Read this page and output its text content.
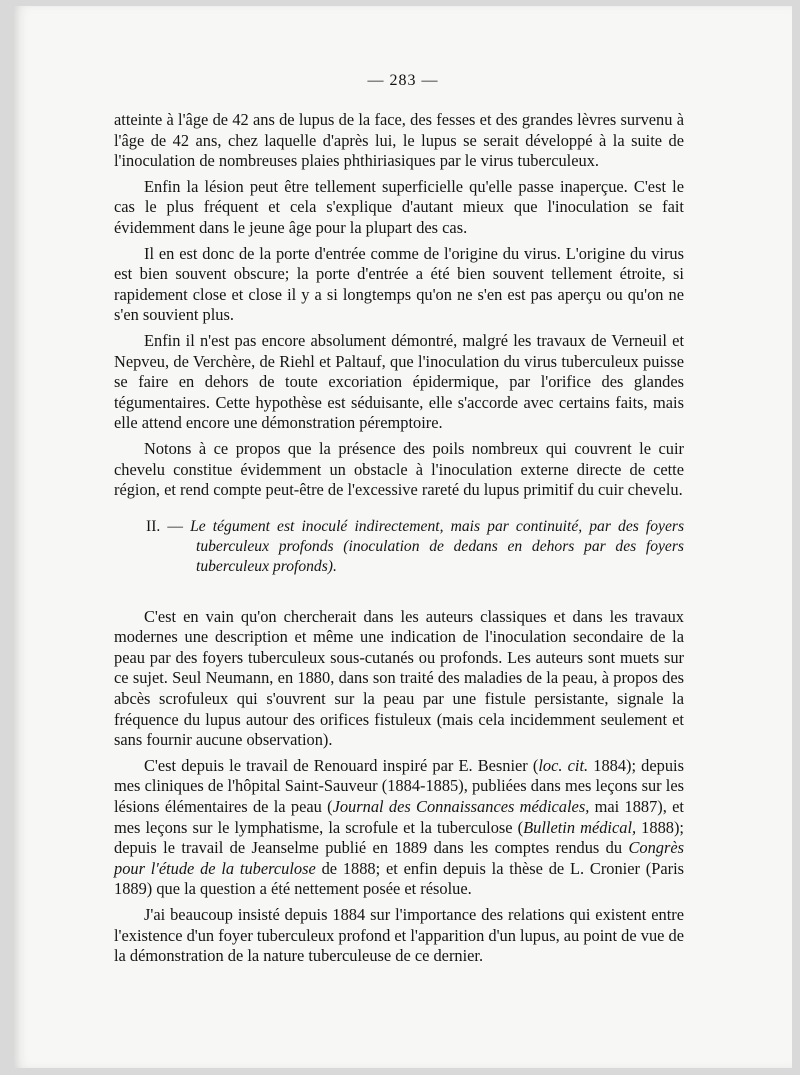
— 283 —

atteinte à l'âge de 42 ans de lupus de la face, des fesses et des grandes lèvres survenu à l'âge de 42 ans, chez laquelle d'après lui, le lupus se serait développé à la suite de l'inoculation de nombreuses plaies phthiriasiques par le virus tuberculeux.

Enfin la lésion peut être tellement superficielle qu'elle passe inaperçue. C'est le cas le plus fréquent et cela s'explique d'autant mieux que l'inoculation se fait évidemment dans le jeune âge pour la plupart des cas.

Il en est donc de la porte d'entrée comme de l'origine du virus. L'origine du virus est bien souvent obscure; la porte d'entrée a été bien souvent tellement étroite, si rapidement close et close il y a si longtemps qu'on ne s'en est pas aperçu ou qu'on ne s'en souvient plus.

Enfin il n'est pas encore absolument démontré, malgré les travaux de Verneuil et Nepveu, de Verchère, de Riehl et Paltauf, que l'inoculation du virus tuberculeux puisse se faire en dehors de toute excoriation épidermique, par l'orifice des glandes tégumentaires. Cette hypothèse est séduisante, elle s'accorde avec certains faits, mais elle attend encore une démonstration péremptoire.

Notons à ce propos que la présence des poils nombreux qui couvrent le cuir chevelu constitue évidemment un obstacle à l'inoculation externe directe de cette région, et rend compte peut-être de l'excessive rareté du lupus primitif du cuir chevelu.

II. — Le tégument est inoculé indirectement, mais par continuité, par des foyers tuberculeux profonds (inoculation de dedans en dehors par des foyers tuberculeux profonds).

C'est en vain qu'on chercherait dans les auteurs classiques et dans les travaux modernes une description et même une indication de l'inoculation secondaire de la peau par des foyers tuberculeux sous-cutanés ou profonds. Les auteurs sont muets sur ce sujet. Seul Neumann, en 1880, dans son traité des maladies de la peau, à propos des abcès scrofuleux qui s'ouvrent sur la peau par une fistule persistante, signale la fréquence du lupus autour des orifices fistuleux (mais cela incidemment seulement et sans fournir aucune observation).

C'est depuis le travail de Renouard inspiré par E. Besnier (loc. cit. 1884); depuis mes cliniques de l'hôpital Saint-Sauveur (1884-1885), publiées dans mes leçons sur les lésions élémentaires de la peau (Journal des Connaissances médicales, mai 1887), et mes leçons sur le lymphatisme, la scrofule et la tuberculose (Bulletin médical, 1888); depuis le travail de Jeanselme publié en 1889 dans les comptes rendus du Congrès pour l'étude de la tuberculose de 1888; et enfin depuis la thèse de L. Cronier (Paris 1889) que la question a été nettement posée et résolue.

J'ai beaucoup insisté depuis 1884 sur l'importance des relations qui existent entre l'existence d'un foyer tuberculeux profond et l'apparition d'un lupus, au point de vue de la démonstration de la nature tuberculeuse de ce dernier.
